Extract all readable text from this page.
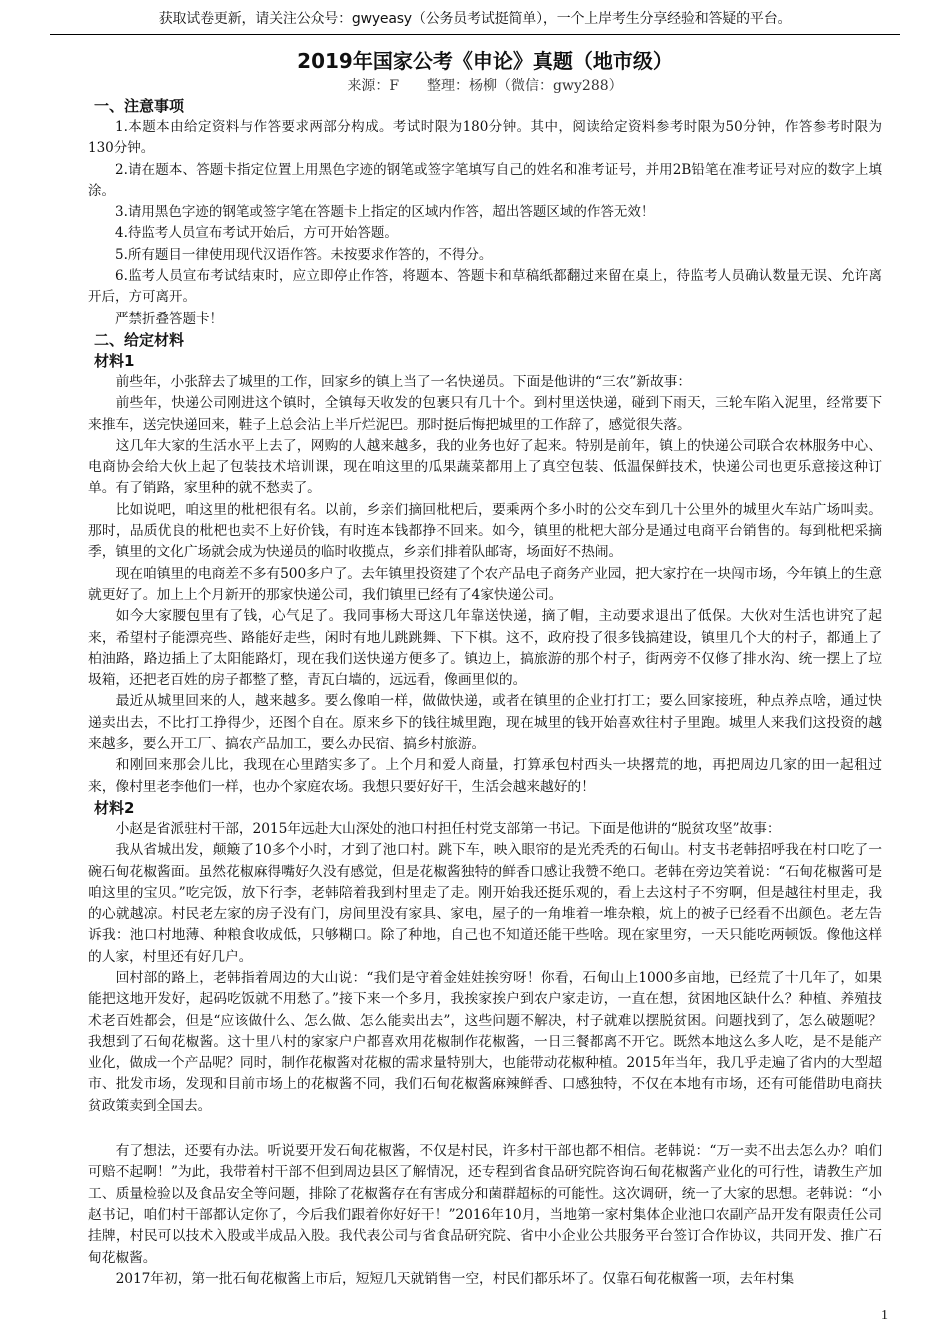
获取试卷更新，请关注公众号：gwyeasy（公务员考试挺简单），一个上岸考生分享经验和答疑的平台。
2019年国家公考《申论》真题（地市级）
来源：F　　整理：杨柳（微信：gwy288）
一、注意事项

1.本题本由给定资料与作答要求两部分构成。考试时限为180分钟。其中，阅读给定资料参考时限为50分钟，作答参考时限为130分钟。

2.请在题本、答题卡指定位置上用黑色字迹的钢笔或签字笔填写自己的姓名和准考证号，并用2B铅笔在准考证号对应的数字上填涂。

3.请用黑色字迹的钢笔或签字笔在答题卡上指定的区域内作答，超出答题区域的作答无效！

4.待监考人员宣布考试开始后，方可开始答题。

5.所有题目一律使用现代汉语作答。未按要求作答的，不得分。

6.监考人员宣布考试结束时，应立即停止作答，将题本、答题卡和草稿纸都翻过来留在桌上，待监考人员确认数量无误、允许离开后，方可离开。

严禁折叠答题卡！

二、给定材料
材料1

前些年，小张辞去了城里的工作，回家乡的镇上当了一名快递员。下面是他讲的“三农”新故事：

前些年，快递公司刚进这个镇时，全镇每天收发的包裹只有几十个。到村里送快递，碰到下雨天，三轮车陷入泥里，经常要下来推车，送完快递回来，鞋子上总会沾上半斤烂泥巴。那时挺后悔把城里的工作辞了，感觉很失落。

这几年大家的生活水平上去了，网购的人越来越多，我的业务也好了起来。特别是前年，镇上的快递公司联合农林服务中心、电商协会给大伙上起了包装技术培训课，现在咱这里的瓜果蔬菜都用上了真空包装、低温保鲜技术，快递公司也更乐意接这种订单。有了销路，家里种的就不愁卖了。

比如说吧，咱这里的枇杷很有名。以前，乡亲们摘回枇杷后，要乘两个多小时的公交车到几十公里外的城里火车站广场叫卖。那时，品质优良的枇杷也卖不上好价钱，有时连本钱都挣不回来。如今，镇里的枇杷大部分是通过电商平台销售的。每到枇杷采摘季，镇里的文化广场就会成为快递员的临时收揽点，乡亲们排着队邮寄，场面好不热闹。

现在咱镇里的电商差不多有500多户了。去年镇里投资建了个农产品电子商务产业园，把大家拧在一块闯市场，今年镇上的生意就更好了。加上上个月新开的那家快递公司，我们镇里已经有了4家快递公司。

如今大家腰包里有了钱，心气足了。我同事杨大哥这几年靠送快递，摘了帽，主动要求退出了低保。大伙对生活也讲究了起来，希望村子能漂亮些、路能好走些，闲时有地儿跳跳舞、下下棋。这不，政府投了很多钱搞建设，镇里几个大的村子，都通上了柏油路，路边插上了太阳能路灯，现在我们送快递方便多了。镇边上，搞旅游的那个村子，街两旁不仅修了排水沟、统一摆上了垃圾箱，还把老百姓的房子都整了整，青瓦白墙的，远远看，像画里似的。

最近从城里回来的人，越来越多。要么像咱一样，做做快递，或者在镇里的企业打打工；要么回家接班，种点养点啥，通过快递卖出去，不比打工挣得少，还图个自在。原来乡下的钱往城里跑，现在城里的钱开始喜欢往村子里跑。城里人来我们这投资的越来越多，要么开工厂、搞农产品加工，要么办民宿、搞乡村旅游。

和刚回来那会儿比，我现在心里踏实多了。上个月和爱人商量，打算承包村西头一块撂荒的地，再把周边几家的田一起租过来，像村里老李他们一样，也办个家庭农场。我想只要好好干，生活会越来越好的！

材料2

小赵是省派驻村干部，2015年远赴大山深处的池口村担任村党支部第一书记。下面是他讲的“脱贫攻坚”故事：

我从省城出发，颠簸了10多个小时，才到了池口村。跳下车，映入眼帘的是光秃秃的石甸山。村支书老韩招呼我在村口吃了一碗石甸花椒酱面。虽然花椒麻得嘴好久没有感觉，但是花椒酱独特的鲜香口感让我赞不绝口。老韩在旁边笑着说：“石甸花椒酱可是咱这里的宝贝。”吃完饭，放下行李，老韩陪着我到村里走了走。刚开始我还挺乐观的，看上去这村子不穷啊，但是越往村里走，我的心就越凉。村民老左家的房子没有门，房间里没有家具、家电，屋子的一角堆着一堆杂粮，炕上的被子已经看不出颜色。老左告诉我：池口村地薄、种粮食收成低，只够糊口。除了种地，自己也不知道还能干些啥。现在家里穷，一天只能吃两顿饭。像他这样的人家，村里还有好几户。

回村部的路上，老韩指着周边的大山说：“我们是守着金娃娃挨穷呀！你看，石甸山上1000多亩地，已经荒了十几年了，如果能把这地开发好，起码吃饭就不用愁了。”接下来一个多月，我挨家挨户到农户家走访，一直在想，贫困地区缺什么？种植、养殖技术老百姓都会，但是“应该做什么、怎么做、怎么能卖出去”，这些问题不解决，村子就难以摆脱贫困。问题找到了，怎么破题呢？我想到了石甸花椒酱。这十里八村的家家户户都喜欢用花椒制作花椒酱，一日三餐都离不开它。既然本地这么多人吃，是不是能产业化，做成一个产品呢？同时，制作花椒酱对花椒的需求量特别大，也能带动花椒种植。2015年当年，我几乎走遍了省内的大型超市、批发市场，发现和目前市场上的花椒酱不同，我们石甸花椒酱麻辣鲜香、口感独特，不仅在本地有市场，还有可能借助电商扶贫政策卖到全国去。

有了想法，还要有办法。听说要开发石甸花椒酱，不仅是村民，许多村干部也都不相信。老韩说：“万一卖不出去怎么办？咱们可赔不起啊！”为此，我带着村干部不但到周边县区了解情况，还专程到省食品研究院咨询石甸花椒酱产业化的可行性，请教生产加工、质量检验以及食品安全等问题，排除了花椒酱存在有害成分和菌群超标的可能性。这次调研，统一了大家的思想。老韩说：“小赵书记，咱们村干部都认定你了，今后我们跟着你好好干！”2016年10月，当地第一家村集体企业池口农副产品开发有限责任公司挂牌，村民可以技术入股或半成品入股。我代表公司与省食品研究院、省中小企业公共服务平台签订合作协议，共同开发、推广石甸花椒酱。

2017年初，第一批石甸花椒酱上市后，短短几天就销售一空，村民们都乐坏了。仅靠石甸花椒酱一项，去年村集

1
